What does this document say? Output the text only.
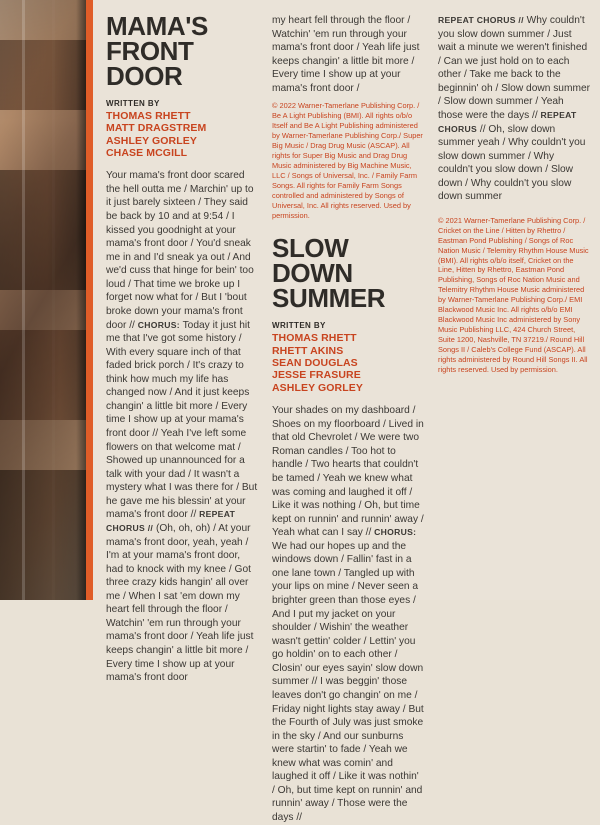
MAMA'S FRONT DOOR
WRITTEN BY
THOMAS RHETT
MATT DRAGSTREM
ASHLEY GORLEY
CHASE MCGILL
Your mama's front door scared the hell outta me / Marchin' up to it just barely sixteen / They said be back by 10 and at 9:54 / I kissed you goodnight at your mama's front door / You'd sneak me in and I'd sneak ya out / And we'd cuss that hinge for bein' too loud / That time we broke up I forget now what for / But I 'bout broke down your mama's front door // CHORUS: Today it just hit me that I've got some history / With every square inch of that faded brick porch / It's crazy to think how much my life has changed now / And it just keeps changin' a little bit more / Every time I show up at your mama's front door // Yeah I've left some flowers on that welcome mat / Showed up unannounced for a talk with your dad / It wasn't a mystery what I was there for / But he gave me his blessin' at your mama's front door // REPEAT CHORUS // (Oh, oh, oh) / At your mama's front door, yeah, yeah / I'm at your mama's front door, had to knock with my knee / Got three crazy kids hangin' all over me / When I sat 'em down my heart fell through the floor / Watchin' 'em run through your mama's front door / Yeah life just keeps changin' a little bit more / Every time I show up at your mama's front door
my heart fell through the floor / Watchin' 'em run through your mama's front door / Yeah life just keeps changin' a little bit more / Every time I show up at your mama's front door /
© 2022 Warner-Tamerlane Publishing Corp. / Be A Light Publishing (BMI). All rights o/b/o Itself and Be A Light Publishing administered by Warner-Tamerlane Publishing Corp./ Super Big Music / Drag Drug Music (ASCAP). All rights for Super Big Music and Drag Drug Music administered by Big Machine Music, LLC / Songs of Universal, Inc. / Family Farm Songs. All rights for Family Farm Songs controlled and administered by Songs of Universal, Inc. All rights reserved. Used by permission.
SLOW DOWN SUMMER
WRITTEN BY
THOMAS RHETT
RHETT AKINS
SEAN DOUGLAS
JESSE FRASURE
ASHLEY GORLEY
Your shades on my dashboard / Shoes on my floorboard / Lived in that old Chevrolet / We were two Roman candles / Too hot to handle / Two hearts that couldn't be tamed / Yeah we knew what was coming and laughed it off / Like it was nothing / Oh, but time kept on runnin' and runnin' away / Yeah what can I say // CHORUS: We had our hopes up and the windows down / Fallin' fast in a one lane town / Tangled up with your lips on mine / Never seen a brighter green than those eyes / And I put my jacket on your shoulder / Wishin' the weather wasn't gettin' colder / Lettin' you go holdin' on to each other / Closin' our eyes sayin' slow down summer // I was beggin' those leaves don't go changin' on me / Friday night lights stay away / But the Fourth of July was just smoke in the sky / And our sunburns were startin' to fade / Yeah we knew what was comin' and laughed it off / Like it was nothin' / Oh, but time kept on runnin' and runnin' away / Those were the days //
REPEAT CHORUS // Why couldn't you slow down summer / Just wait a minute we weren't finished / Can we just hold on to each other / Take me back to the beginnin' oh / Slow down summer / Slow down summer / Yeah those were the days // REPEAT CHORUS // Oh, slow down summer yeah / Why couldn't you slow down summer / Why couldn't you slow down / Slow down / Why couldn't you slow down summer
© 2021 Warner-Tamerlane Publishing Corp. / Cricket on the Line / Hitten by Rhettro / Eastman Pond Publishing / Songs of Roc Nation Music / Telemitry Rhythm House Music (BMI). All rights o/b/o itself, Cricket on the Line, Hitten by Rhettro, Eastman Pond Publishing, Songs of Roc Nation Music and Telemitry Rhythm House Music administered by Warner-Tamerlane Publishing Corp./ EMI Blackwood Music Inc. All rights o/b/o EMI Blackwood Music Inc administered by Sony Music Publishing LLC, 424 Church Street, Suite 1200, Nashville, TN 37219./ Round Hill Songs II / Caleb's College Fund (ASCAP). All rights administered by Round Hill Songs II. All rights reserved. Used by permission.
